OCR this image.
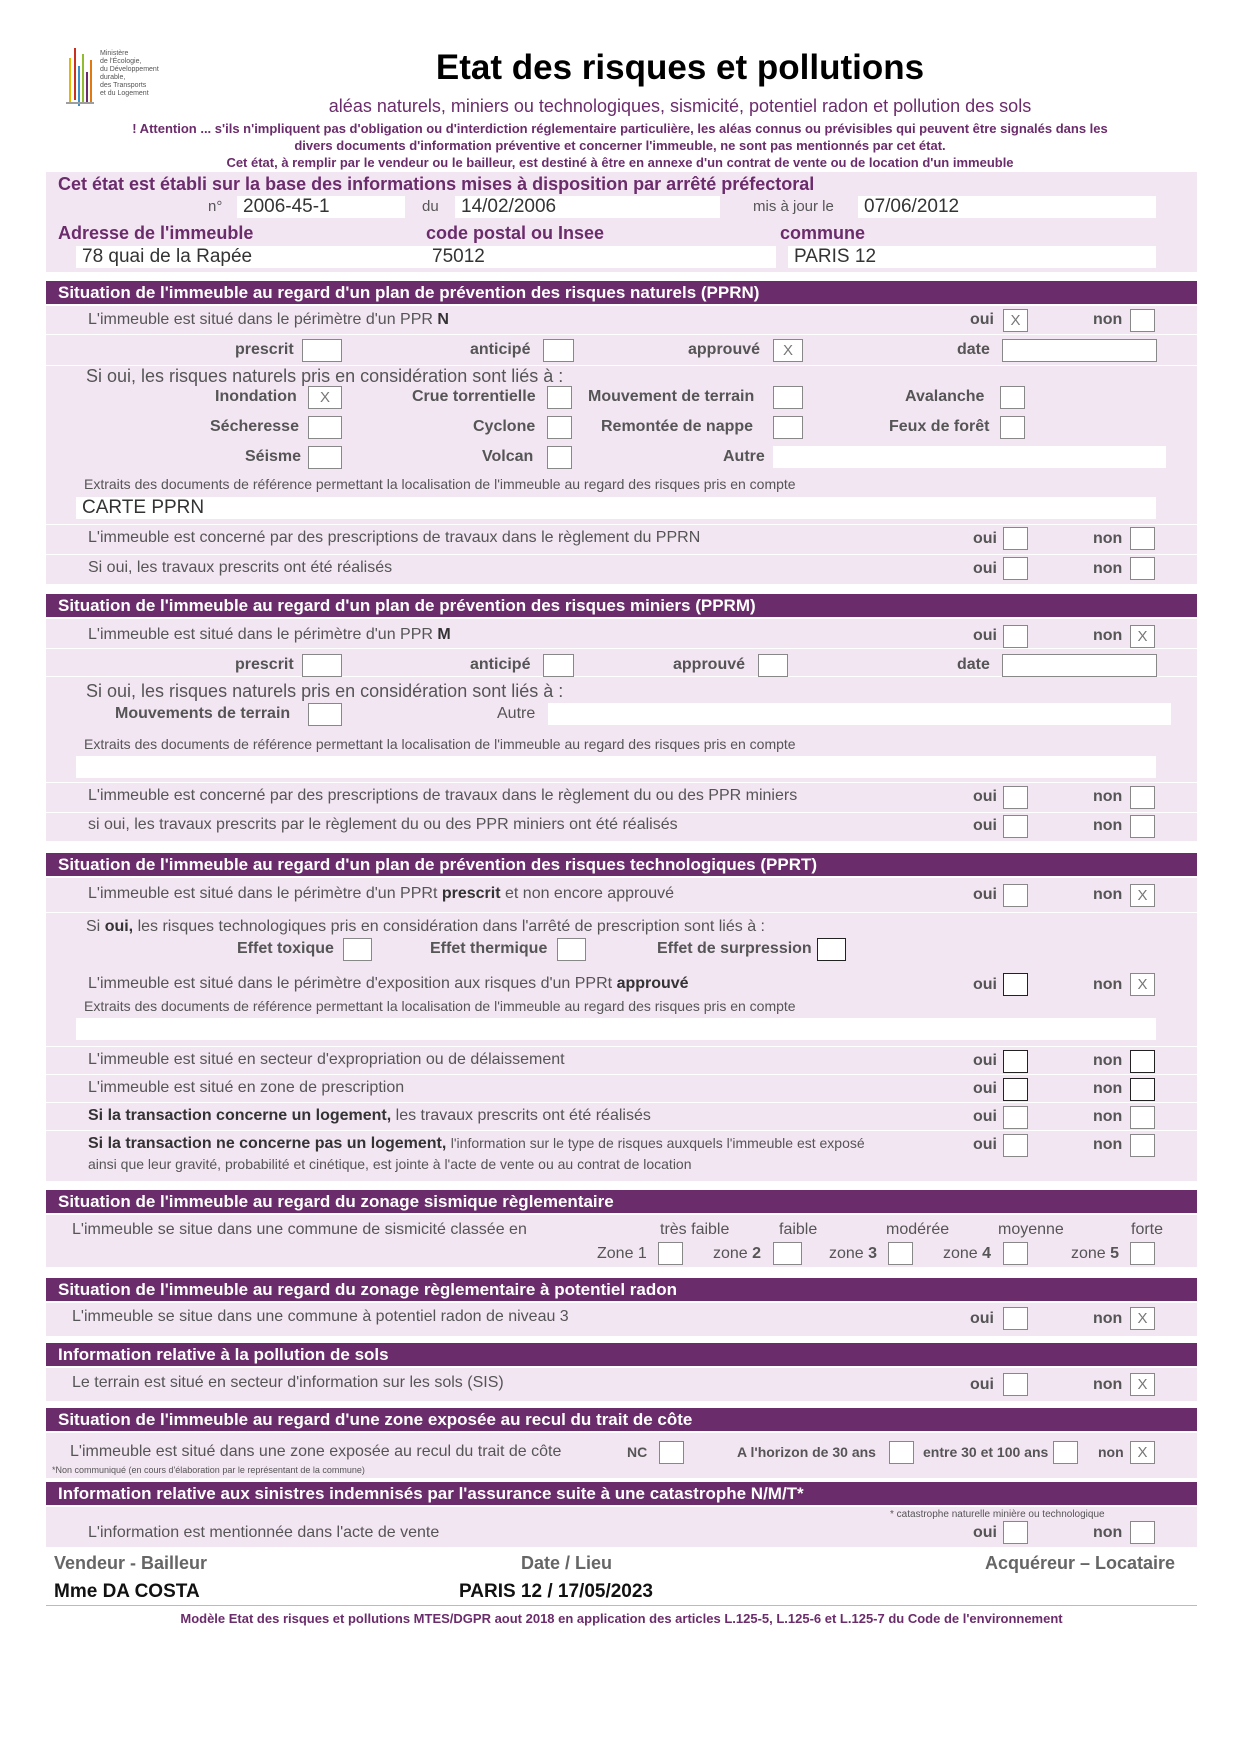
Ministère
de l'Écologie,
du Développement
durable,
des Transports
et du Logement
Etat des risques et pollutions
aléas naturels, miniers ou technologiques, sismicité, potentiel radon et pollution des sols
! Attention ... s'ils n'impliquent pas d'obligation ou d'interdiction réglementaire particulière, les aléas connus ou prévisibles qui peuvent être signalés dans les
divers documents d'information préventive et concerner l'immeuble, ne sont pas mentionnés par cet état.
Cet état, à remplir par le vendeur ou le bailleur, est destiné à être en annexe d'un contrat de vente ou de location d'un immeuble
Cet état est établi sur la base des informations mises à disposition par arrêté préfectoral
n°	2006-45-1	du	14/02/2006	mis à jour le	07/06/2012
Adresse de l'immeuble	code postal ou Insee	commune
78 quai de la Rapée	75012	PARIS 12
Situation de l'immeuble au regard d'un plan de prévention des risques naturels (PPRN)
L'immeuble est situé dans le périmètre d'un PPR N	oui	X	non
prescrit	anticipé	approuvé	X	date
Si oui, les risques naturels pris en considération sont liés à :
Inondation	X	Crue torrentielle	Mouvement de terrain	Avalanche
Sécheresse	Cyclone	Remontée de nappe	Feux de forêt
Séisme	Volcan	Autre
Extraits des documents de référence permettant la localisation de l'immeuble au regard des risques pris en compte
CARTE PPRN
L'immeuble est concerné par des prescriptions de travaux dans le règlement du PPRN	oui	non
Si oui, les travaux prescrits ont été réalisés	oui	non
Situation de l'immeuble au regard d'un plan de prévention des risques miniers (PPRM)
L'immeuble est situé dans le périmètre d'un PPR M	oui	non	X
prescrit	anticipé	approuvé	date
Si oui, les risques naturels pris en considération sont liés à :
Mouvements de terrain	Autre
Extraits des documents de référence permettant la localisation de l'immeuble au regard des risques pris en compte
L'immeuble est concerné par des prescriptions de travaux dans le règlement du ou des PPR miniers	oui	non
si oui, les travaux prescrits par le règlement du ou des PPR miniers ont été réalisés	oui	non
Situation de l'immeuble au regard d'un plan de prévention des risques technologiques (PPRT)
L'immeuble est situé dans le périmètre d'un PPRt prescrit et non encore approuvé	oui	non	X
Si oui, les risques technologiques pris en considération dans l'arrêté de prescription sont liés à :
Effet toxique	Effet thermique	Effet de surpression
L'immeuble est situé dans le périmètre d'exposition aux risques d'un PPRt approuvé	oui	non	X
Extraits des documents de référence permettant la localisation de l'immeuble au regard des risques pris en compte
L'immeuble est situé en secteur d'expropriation ou de délaissement	oui	non
L'immeuble est situé en zone de prescription	oui	non
Si la transaction concerne un logement, les travaux prescrits ont été réalisés	oui	non
Si la transaction ne concerne pas un logement, l'information sur le type de risques auxquels l'immeuble est exposé
ainsi que leur gravité, probabilité et cinétique, est jointe à l'acte de vente ou au contrat de location
oui	non
Situation de l'immeuble au regard du zonage sismique règlementaire
L'immeuble se situe dans une commune de sismicité classée en	très faible	faible	modérée	moyenne	forte
Zone 1	zone 2	zone 3	zone 4	zone 5
Situation de l'immeuble au regard du zonage règlementaire à potentiel radon
L'immeuble se situe dans une commune à potentiel radon de niveau 3	oui	non	X
Information relative à la pollution de sols
Le terrain est situé en secteur d'information sur les sols (SIS)	oui	non	X
Situation de l'immeuble au regard d'une zone exposée au recul du trait de côte
L'immeuble est situé dans une zone exposée au recul du trait de côte	NC	A l'horizon de 30 ans	entre 30 et 100 ans	non X
*Non communiqué (en cours d'élaboration par le représentant de la commune)
Information relative aux sinistres indemnisés par l'assurance suite à une catastrophe N/M/T*
* catastrophe naturelle minière ou technologique
L'information est mentionnée dans l'acte de vente	oui	non
Vendeur - Bailleur	Date / Lieu	Acquéreur – Locataire
Mme DA COSTA	PARIS 12 / 17/05/2023
Modèle Etat des risques et pollutions MTES/DGPR aout 2018 en application des articles L.125-5, L.125-6 et L.125-7 du Code de l'environnement
